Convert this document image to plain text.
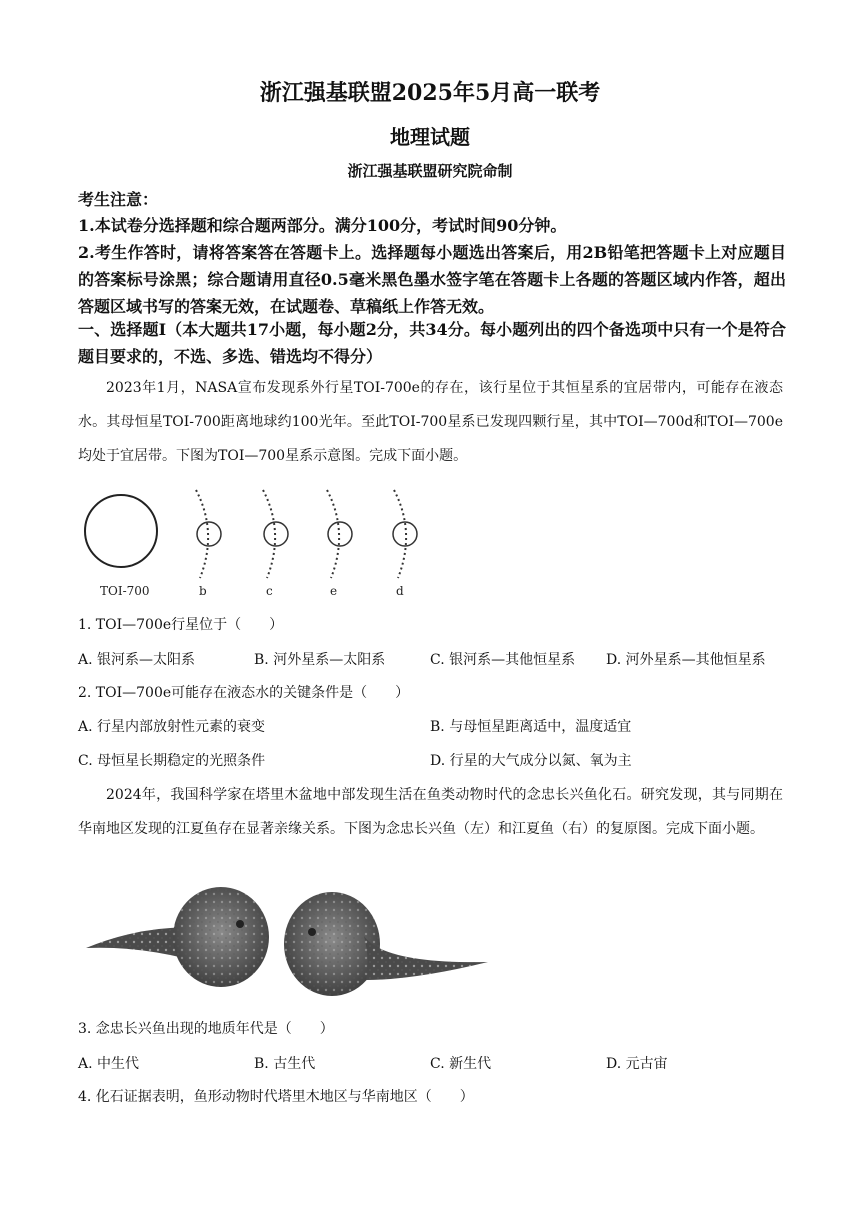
浙江强基联盟2025年5月高一联考
地理试题
浙江强基联盟研究院命制
考生注意：
1.本试卷分选择题和综合题两部分。满分100分，考试时间90分钟。
2.考生作答时，请将答案答在答题卡上。选择题每小题选出答案后，用2B铅笔把答题卡上对应题目的答案标号涂黑；综合题请用直径0.5毫米黑色墨水签字笔在答题卡上各题的答题区域内作答，超出答题区域书写的答案无效，在试题卷、草稿纸上作答无效。
一、选择题Ⅰ（本大题共17小题，每小题2分，共34分。每小题列出的四个备选项中只有一个是符合题目要求的，不选、多选、错选均不得分）
2023年1月，NASA宣布发现系外行星TOI-700e的存在，该行星位于其恒星系的宜居带内，可能存在液态水。其母恒星TOI-700距离地球约100光年。至此TOI-700星系已发现四颗行星，其中TOI—700d和TOI—700e均处于宜居带。下图为TOI—700星系示意图。完成下面小题。
TOI-700	b	c	e	d
1. TOI—700e行星位于（　　）
A. 银河系—太阳系	B. 河外星系—太阳系	C. 银河系—其他恒星系 D. 河外星系—其他恒星系
2. TOI—700e可能存在液态水的关键条件是（　　）
A. 行星内部放射性元素的衰变	B. 与母恒星距离适中，温度适宜
C. 母恒星长期稳定的光照条件	D. 行星的大气成分以氮、氧为主
2024年，我国科学家在塔里木盆地中部发现生活在鱼类动物时代的念忠长兴鱼化石。研究发现，其与同期在华南地区发现的江夏鱼存在显著亲缘关系。下图为念忠长兴鱼（左）和江夏鱼（右）的复原图。完成下面小题。
3. 念忠长兴鱼出现的地质年代是（　　）
A. 中生代	B. 古生代	C. 新生代	D. 元古宙
4. 化石证据表明，鱼形动物时代塔里木地区与华南地区（　　）
